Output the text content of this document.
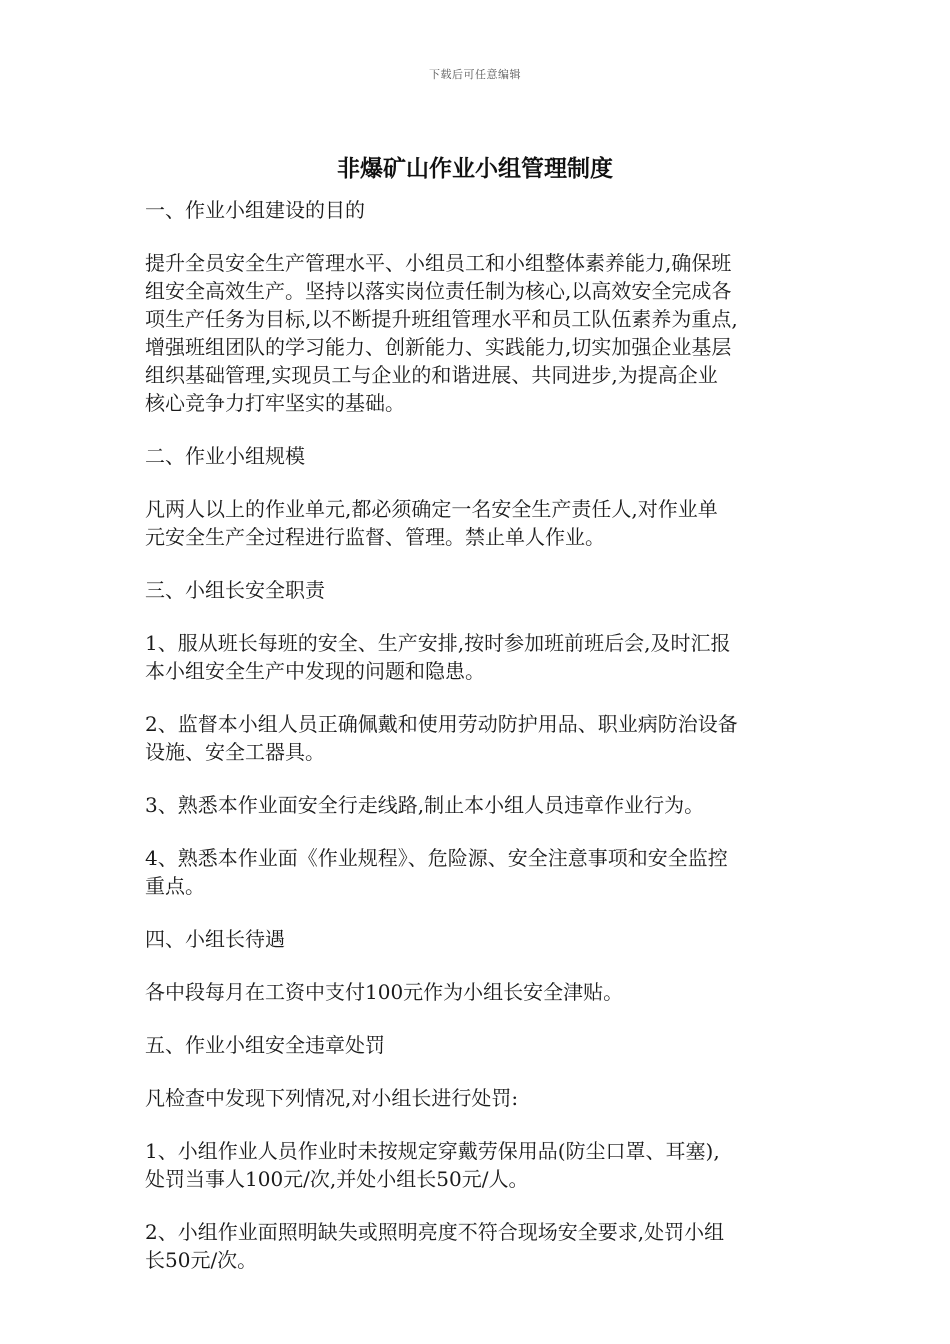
下载后可任意编辑
非爆矿山作业小组管理制度

一、作业小组建设的目的

提升全员安全生产管理水平、小组员工和小组整体素养能力,确保班
组安全高效生产。坚持以落实岗位责任制为核心,以高效安全完成各
项生产任务为目标,以不断提升班组管理水平和员工队伍素养为重点,
增强班组团队的学习能力、创新能力、实践能力,切实加强企业基层
组织基础管理,实现员工与企业的和谐进展、共同进步,为提高企业
核心竞争力打牢坚实的基础。

二、作业小组规模

凡两人以上的作业单元,都必须确定一名安全生产责任人,对作业单
元安全生产全过程进行监督、管理。禁止单人作业。

三、小组长安全职责

1、服从班长每班的安全、生产安排,按时参加班前班后会,及时汇报
本小组安全生产中发现的问题和隐患。

2、监督本小组人员正确佩戴和使用劳动防护用品、职业病防治设备
设施、安全工器具。

3、熟悉本作业面安全行走线路,制止本小组人员违章作业行为。

4、熟悉本作业面《作业规程》、危险源、安全注意事项和安全监控
重点。

四、小组长待遇

各中段每月在工资中支付100元作为小组长安全津贴。

五、作业小组安全违章处罚

凡检查中发现下列情况,对小组长进行处罚:

1、小组作业人员作业时未按规定穿戴劳保用品(防尘口罩、耳塞),
处罚当事人100元/次,并处小组长50元/人。

2、小组作业面照明缺失或照明亮度不符合现场安全要求,处罚小组
长50元/次。
